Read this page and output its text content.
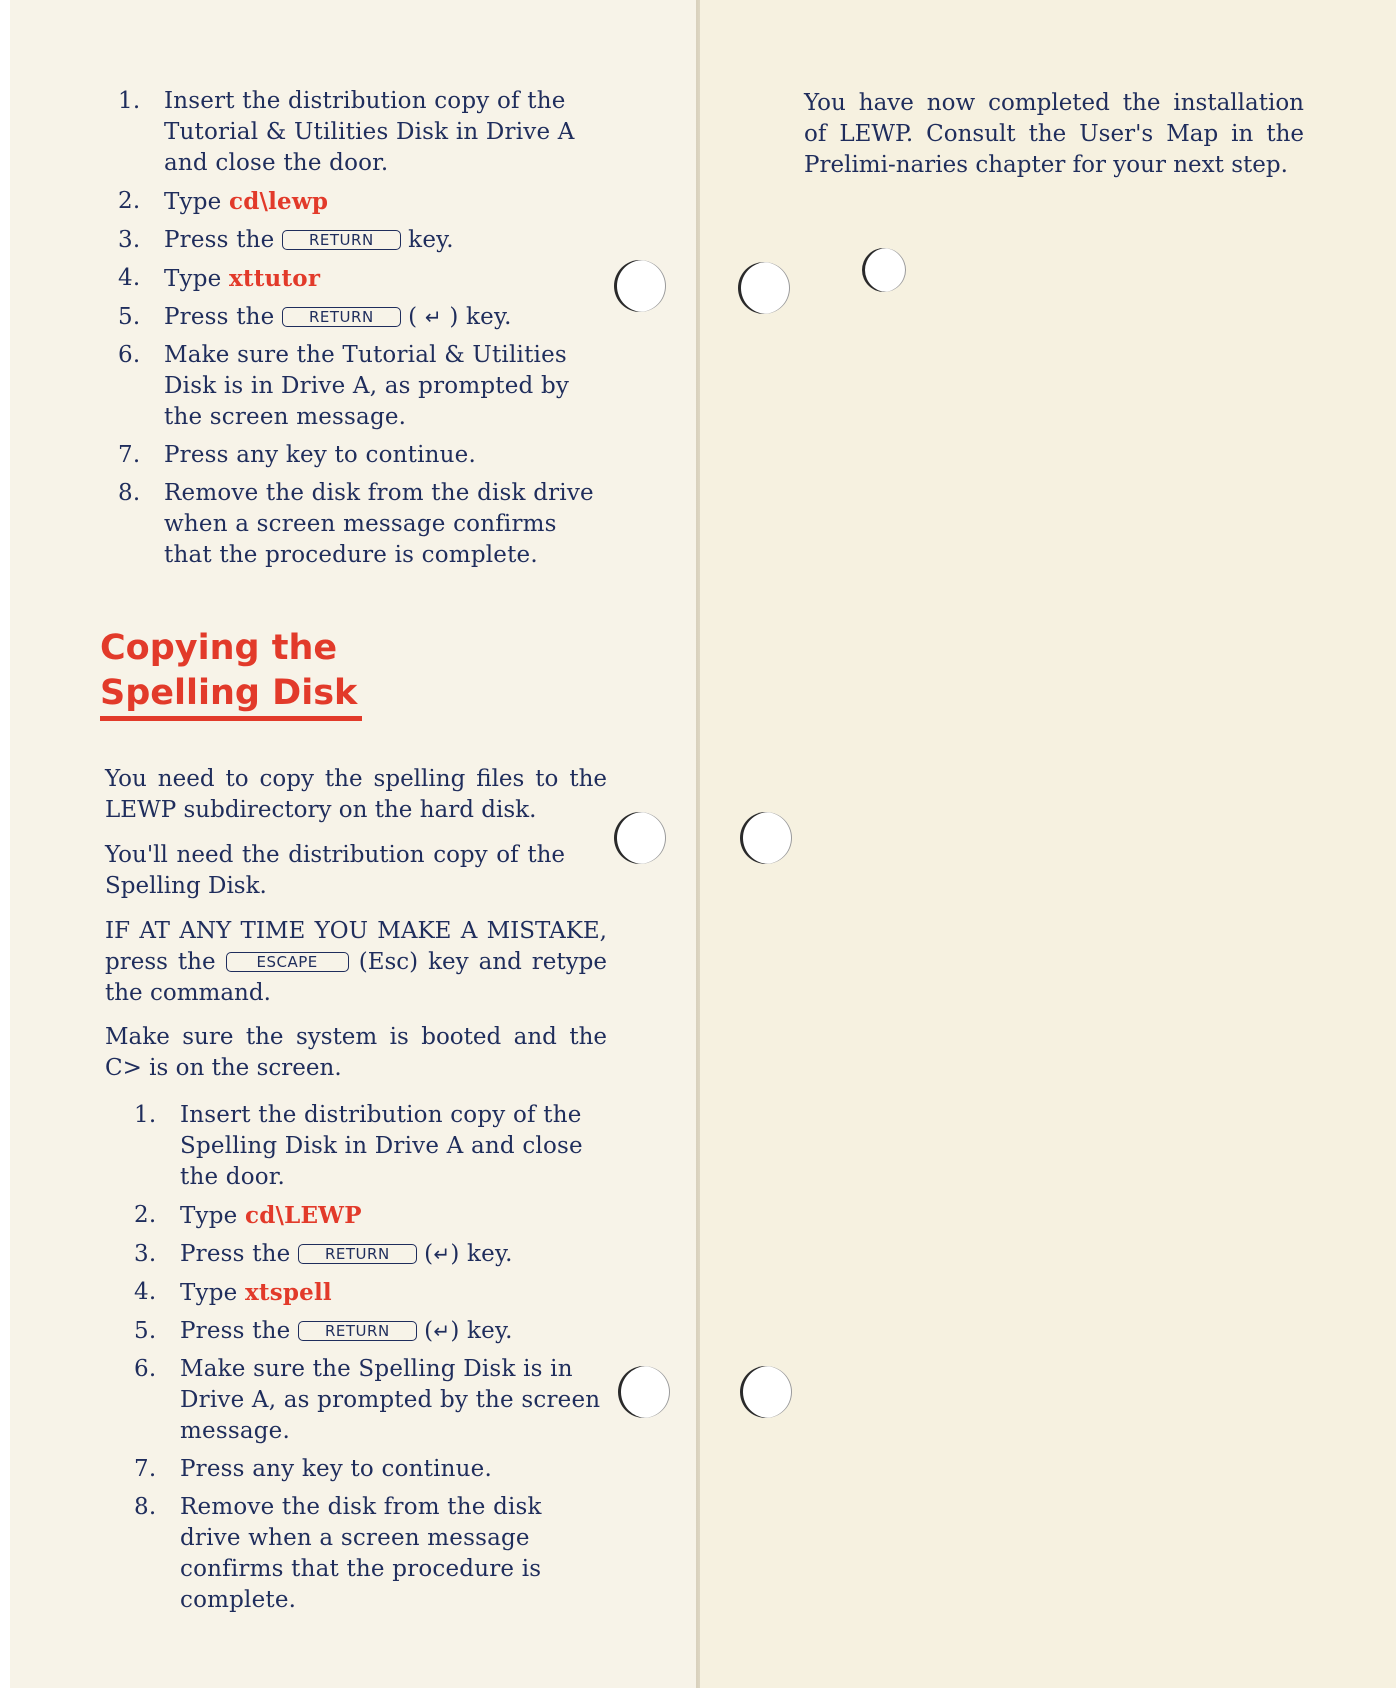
1. Insert the distribution copy of the Tutorial & Utilities Disk in Drive A and close the door.
2. Type cd\lewp
3. Press the RETURN key.
4. Type xttutor
5. Press the RETURN ( ↵ ) key.
6. Make sure the Tutorial & Utilities Disk is in Drive A, as prompted by the screen message.
7. Press any key to continue.
8. Remove the disk from the disk drive when a screen message confirms that the procedure is complete.
Copying the
Spelling Disk

You need to copy the spelling files to the LEWP subdirectory on the hard disk.

You'll need the distribution copy of the Spelling Disk.

IF AT ANY TIME YOU MAKE A MISTAKE, press the ESCAPE (Esc) key and retype the command.

Make sure the system is booted and the C> is on the screen.

1. Insert the distribution copy of the Spelling Disk in Drive A and close the door.
2. Type cd\LEWP
3. Press the RETURN (↵) key.
4. Type xtspell
5. Press the RETURN (↵) key.
6. Make sure the Spelling Disk is in Drive A, as prompted by the screen message.
7. Press any key to continue.
8. Remove the disk from the disk drive when a screen message confirms that the procedure is complete.

You have now completed the installation of LEWP. Consult the User's Map in the Prelimi-naries chapter for your next step.
